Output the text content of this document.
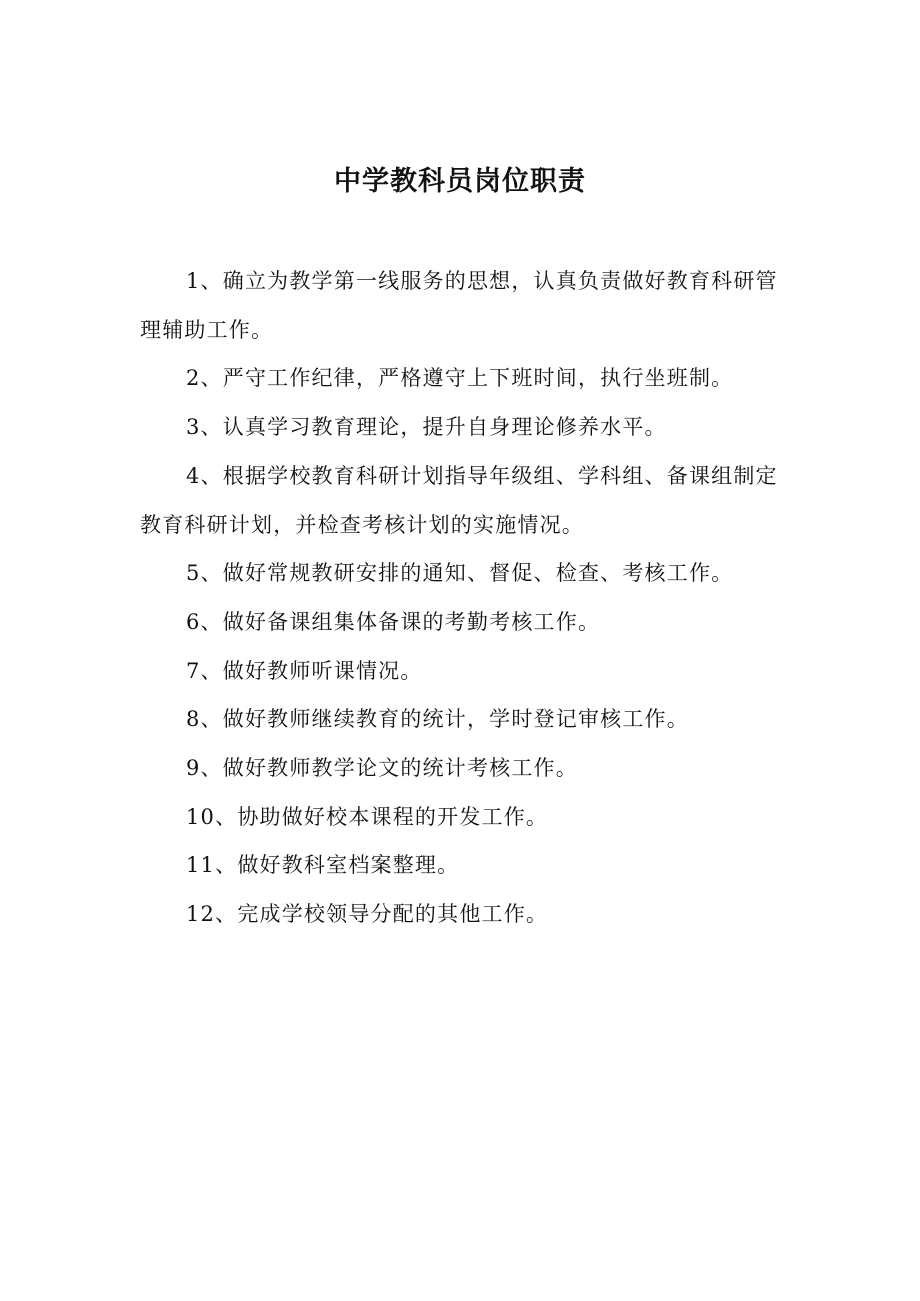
中学教科员岗位职责

1、确立为教学第一线服务的思想，认真负责做好教育科研管理辅助工作。

2、严守工作纪律，严格遵守上下班时间，执行坐班制。

3、认真学习教育理论，提升自身理论修养水平。

4、根据学校教育科研计划指导年级组、学科组、备课组制定教育科研计划，并检查考核计划的实施情况。

5、做好常规教研安排的通知、督促、检查、考核工作。

6、做好备课组集体备课的考勤考核工作。

7、做好教师听课情况。

8、做好教师继续教育的统计，学时登记审核工作。

9、做好教师教学论文的统计考核工作。

10、协助做好校本课程的开发工作。

11、做好教科室档案整理。

12、完成学校领导分配的其他工作。
